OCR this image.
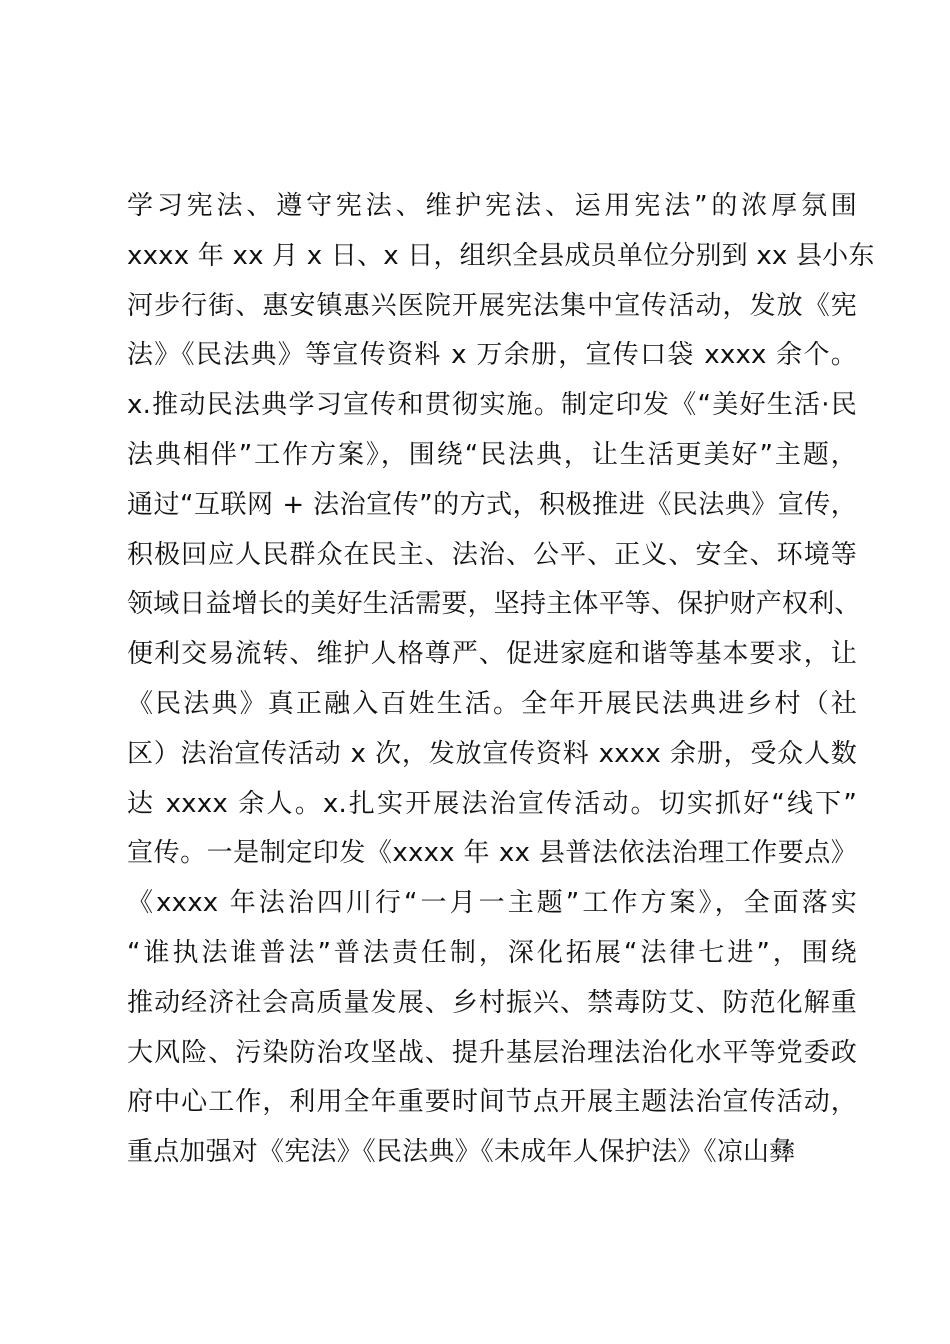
学习宪法、遵守宪法、维护宪法、运用宪法”的浓厚氛围
xxxx 年 xx 月 x 日、x 日，组织全县成员单位分别到 xx 县小东
河步行街、惠安镇惠兴医院开展宪法集中宣传活动，发放《宪
法》《民法典》等宣传资料 x 万余册，宣传口袋 xxxx 余个。
x.推动民法典学习宣传和贯彻实施。制定印发《“美好生活·民
法典相伴”工作方案》，围绕“民法典，让生活更美好”主题，
通过“互联网 + 法治宣传”的方式，积极推进《民法典》宣传，
积极回应人民群众在民主、法治、公平、正义、安全、环境等
领域日益增长的美好生活需要，坚持主体平等、保护财产权利、
便利交易流转、维护人格尊严、促进家庭和谐等基本要求，让
《民法典》真正融入百姓生活。全年开展民法典进乡村（社
区）法治宣传活动 x 次，发放宣传资料 xxxx 余册，受众人数
达 xxxx 余人。x.扎实开展法治宣传活动。切实抓好“线下”
宣传。一是制定印发《xxxx 年 xx 县普法依法治理工作要点》
《xxxx 年法治四川行“一月一主题”工作方案》，全面落实
“谁执法谁普法”普法责任制，深化拓展“法律七进”，围绕
推动经济社会高质量发展、乡村振兴、禁毒防艾、防范化解重
大风险、污染防治攻坚战、提升基层治理法治化水平等党委政
府中心工作，利用全年重要时间节点开展主题法治宣传活动，
重点加强对《宪法》《民法典》《未成年人保护法》《凉山彝
